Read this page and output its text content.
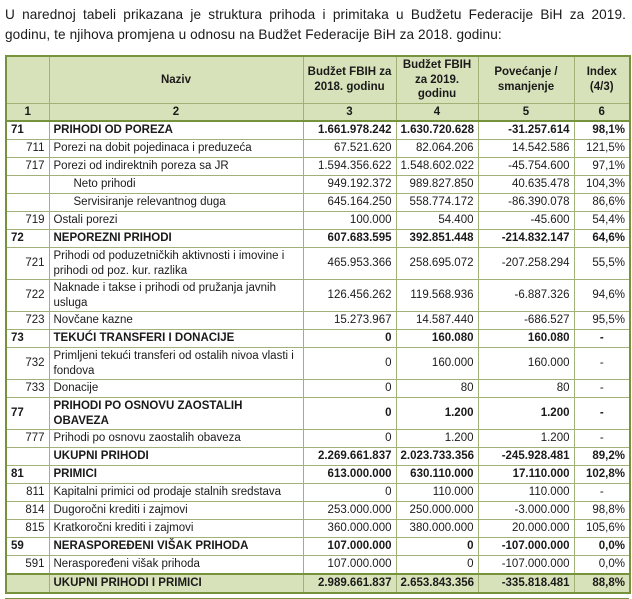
U narednoj tabeli prikazana je struktura prihoda i primitaka u Budžetu Federacije BiH za 2019. godinu, te njihova promjena u odnosu na Budžet Federacije BiH za 2018. godinu:

	Naziv	Budžet FBIH za 2018. godinu	Budžet FBIH za 2019. godinu	Povećanje / smanjenje	Index (4/3)
1	2	3	4	5	6
71	PRIHODI OD POREZA	1.661.978.242	1.630.720.628	-31.257.614	98,1%
711	Porezi na dobit pojedinaca i preduzeća	67.521.620	82.064.206	14.542.586	121,5%
717	Porezi od indirektnih poreza sa JR	1.594.356.622	1.548.602.022	-45.754.600	97,1%
	Neto prihodi	949.192.372	989.827.850	40.635.478	104,3%
	Servisiranje relevantnog duga	645.164.250	558.774.172	-86.390.078	86,6%
719	Ostali porezi	100.000	54.400	-45.600	54,4%
72	NEPOREZNI PRIHODI	607.683.595	392.851.448	-214.832.147	64,6%
721	Prihodi od poduzetničkih aktivnosti i imovine i prihodi od poz. kur. razlika	465.953.366	258.695.072	-207.258.294	55,5%
722	Naknade i takse i prihodi od pružanja javnih usluga	126.456.262	119.568.936	-6.887.326	94,6%
723	Novčane kazne	15.273.967	14.587.440	-686.527	95,5%
73	TEKUĆI TRANSFERI I DONACIJE	0	160.080	160.080	-
732	Primljeni tekući transferi od ostalih nivoa vlasti i fondova	0	160.000	160.000	-
733	Donacije	0	80	80	-
77	PRIHODI PO OSNOVU ZAOSTALIH OBAVEZA	0	1.200	1.200	-
777	Prihodi po osnovu zaostalih obaveza	0	1.200	1.200	-
	UKUPNI PRIHODI	2.269.661.837	2.023.733.356	-245.928.481	89,2%
81	PRIMICI	613.000.000	630.110.000	17.110.000	102,8%
811	Kapitalni primici od prodaje stalnih sredstava	0	110.000	110.000	-
814	Dugoročni krediti i zajmovi	253.000.000	250.000.000	-3.000.000	98,8%
815	Kratkoročni krediti i zajmovi	360.000.000	380.000.000	20.000.000	105,6%
59	NERASPOREĐENI VIŠAK PRIHODA	107.000.000	0	-107.000.000	0,0%
591	Neraspoređeni višak prihoda	107.000.000	0	-107.000.000	0,0%
	UKUPNI PRIHODI I PRIMICI	2.989.661.837	2.653.843.356	-335.818.481	88,8%
